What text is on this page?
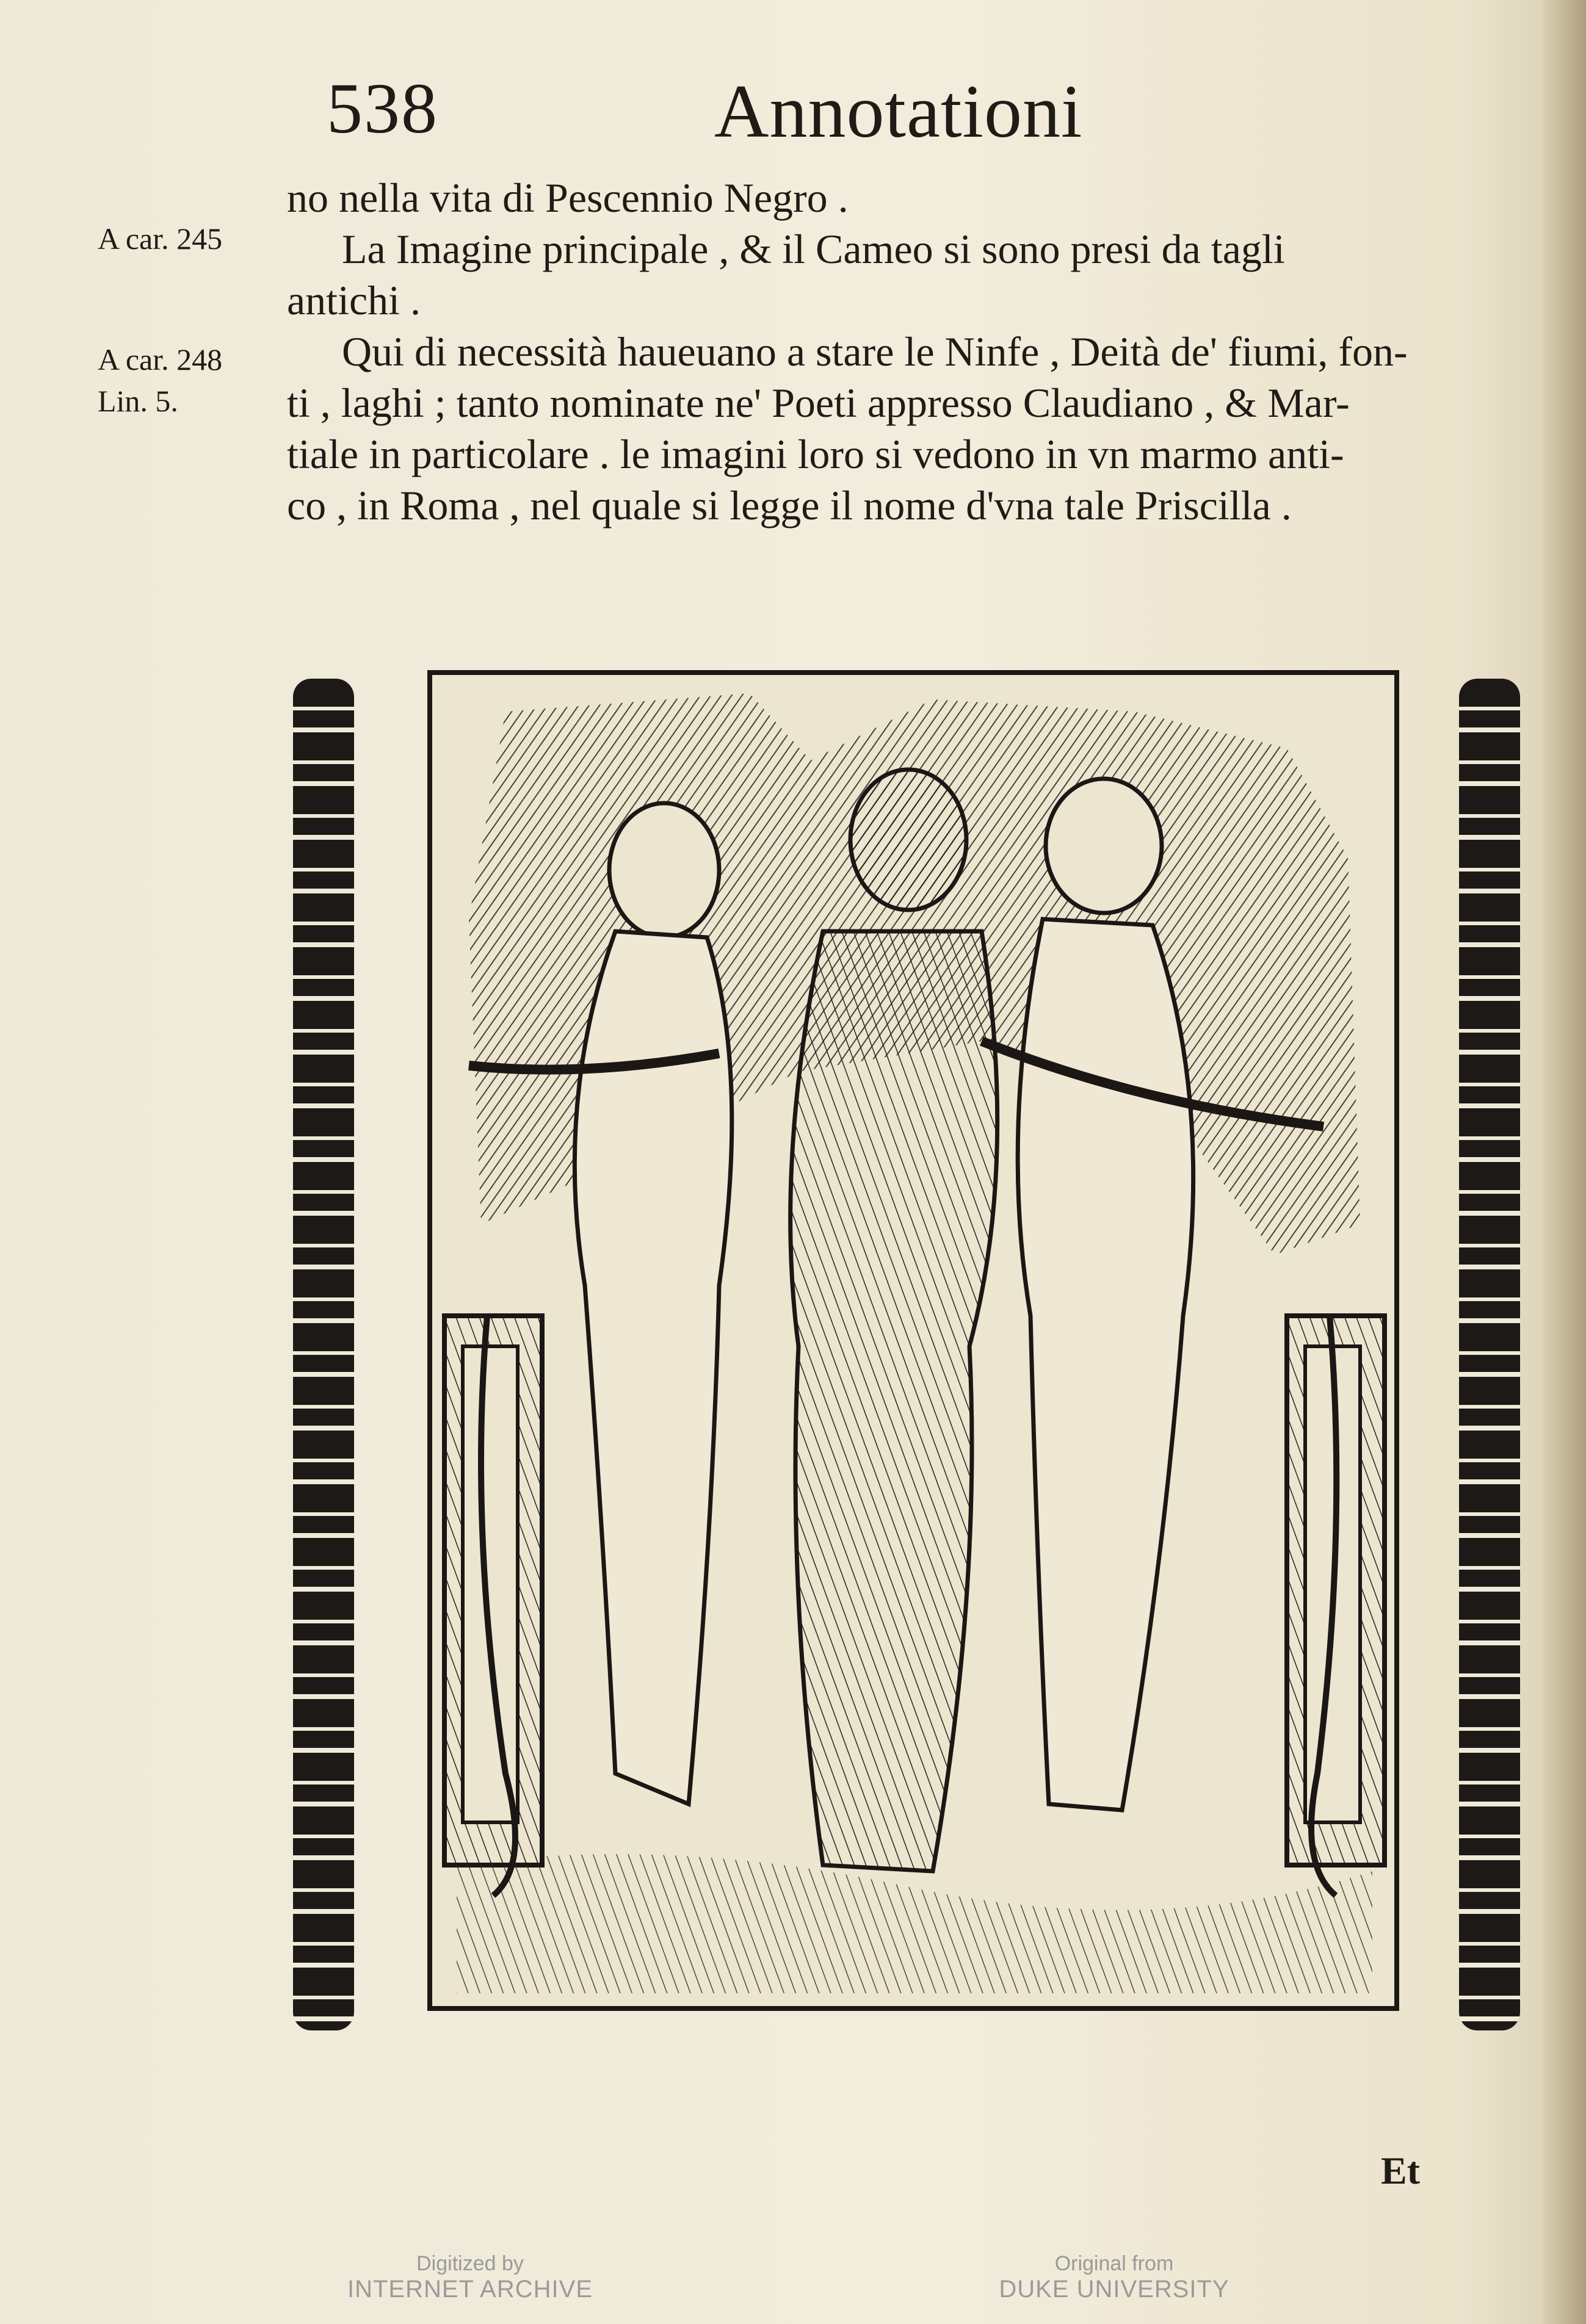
538	Annotationi
A car. 245
A car. 248
Lin. 5.
no nella vita di Pescennio Negro .
La Imagine principale , & il Cameo si sono presi da tagli
antichi .
Qui di necessità haueuano a stare le Ninfe , Deità de' fiumi, fon-
ti , laghi ; tanto nominate ne' Poeti appresso Claudiano , & Mar-
tiale in particolare . le imagini loro si vedono in vn marmo anti-
co , in Roma , nel quale si legge il nome d'vna tale Priscilla .
Et
Digitized by
INTERNET ARCHIVE
Original from
DUKE UNIVERSITY
